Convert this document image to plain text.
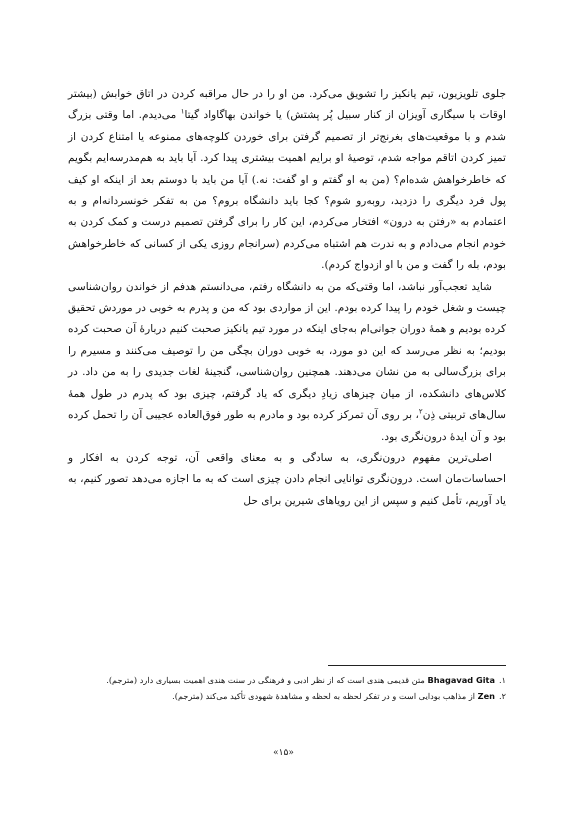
جلوی تلویزیون، تیم یانکیز را تشویق می‌کرد. من او را در حال مراقبه کردن در اتاق خوابش (بیشتر اوقات با سیگاری آویزان از کنار سبیل پُر پشتش) یا خواندن بهاگاواد گیتا$^۱$ می‌دیدم. اما وقتی بزرگ شدم و با موقعیت‌های بغرنج‌تر از تصمیم گرفتن برای خوردن کلوچه‌های ممنوعه یا امتناع کردن از تمیز کردن اتاقم مواجه شدم، توصیهٔ او برایم اهمیت بیشتری پیدا کرد. آیا باید به هم‌مدرسه‌ایم بگویم که خاطرخواهش شده‌ام؟ (من به او گفتم و او گفت: نه.) آیا من باید با دوستم بعد از اینکه او کیف پول فرد دیگری را دزدید، روبه‌رو شوم؟ کجا باید دانشگاه بروم؟ من به تفکر خونسردانه‌ام و به اعتمادم به «رفتن به درون» افتخار می‌کردم، این کار را برای گرفتن تصمیم درست و کمک کردن به خودم انجام می‌دادم و به ندرت هم اشتباه می‌کردم (سرانجام روزی یکی از کسانی که خاطرخواهش بودم، بله را گفت و من با او ازدواج کردم).

شاید تعجب‌آور نباشد، اما وقتی‌که من به دانشگاه رفتم، می‌دانستم هدفم از خواندن روان‌شناسی چیست و شغل خودم را پیدا کرده بودم. این از مواردی بود که من و پدرم به خوبی در موردش تحقیق کرده بودیم و همهٔ دوران جوانی‌ام به‌جای اینکه در مورد تیم یانکیز صحبت کنیم دربارهٔ آن صحبت کرده بودیم؛ به نظر می‌رسد که این دو مورد، به خوبی دوران بچگی من را توصیف می‌کنند و مسیرم را برای بزرگ‌سالی به من نشان می‌دهند. همچنین روان‌شناسی، گنجینهٔ لغات جدیدی را به من داد. در کلاس‌های دانشکده، از میان چیزهای زیادِ دیگری که یاد گرفتم، چیزی بود که پدرم در طول همهٔ سال‌های تربیتی ذِن$^۲$، بر روی آن تمرکز کرده بود و مادرم به طور فوق‌العاده عجیبی آن را تحمل کرده بود و آن ایدهٔ درون‌نگری بود.

اصلی‌ترین مفهوم درون‌نگری، به سادگی و به معنای واقعی آن، توجه کردن به افکار و احساسات‌مان است. درون‌نگری توانایی انجام دادن چیزی است که به ما اجازه می‌دهد تصور کنیم، به یاد آوریم، تأمل کنیم و سپس از این رویاهای شیرین برای حل

۱.Bhagavad Gita متن قدیمی هندی است که از نظر ادبی و فرهنگی در سنت هندی اهمیت بسیاری دارد (مترجم).

۲.Zen از مذاهب بودایی است و در تفکر لحظه به لحظه و مشاهدهٔ شهودی تأکید می‌کند (مترجم).

«۱۵»
